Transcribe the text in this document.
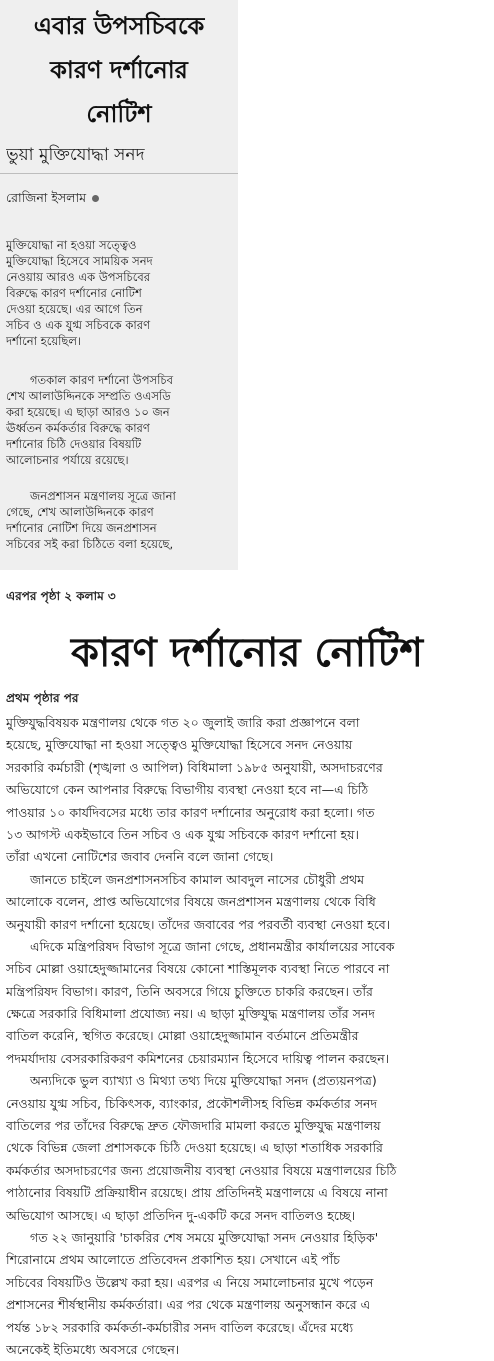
এবার উপসচিবকে
কারণ দর্শানোর
নোটিশ
ভুয়া মুক্তিযোদ্ধা সনদ
রোজিনা ইসলাম
মুক্তিযোদ্ধা না হওয়া সত্ত্বেও
মুক্তিযোদ্ধা হিসেবে সাময়িক সনদ
নেওয়ায় আরও এক উপসচিবের
বিরুদ্ধে কারণ দর্শানোর নোটিশ
দেওয়া হয়েছে। এর আগে তিন
সচিব ও এক যুগ্ম সচিবকে কারণ
দর্শানো হয়েছিল।
গতকাল কারণ দর্শানো উপসচিব
শেখ আলাউদ্দিনকে সম্প্রতি ওএসডি
করা হয়েছে। এ ছাড়া আরও ১০ জন
ঊর্ধ্বতন কর্মকর্তার বিরুদ্ধে কারণ
দর্শানোর চিঠি দেওয়ার বিষয়টি
আলোচনার পর্যায়ে রয়েছে।
জনপ্রশাসন মন্ত্রণালয় সূত্রে জানা
গেছে, শেখ আলাউদ্দিনকে কারণ
দর্শানোর নোটিশ দিয়ে জনপ্রশাসন
সচিবের সই করা চিঠিতে বলা হয়েছে,
এরপর পৃষ্ঠা ২ কলাম ৩
কারণ দর্শানোর নোটিশ
প্রথম পৃষ্ঠার পর
মুক্তিযুদ্ধবিষয়ক মন্ত্রণালয় থেকে গত ২০ জুলাই জারি করা প্রজ্ঞাপনে বলা
হয়েছে, মুক্তিযোদ্ধা না হওয়া সত্ত্বেও মুক্তিযোদ্ধা হিসেবে সনদ নেওয়ায়
সরকারি কর্মচারী (শৃঙ্খলা ও আপিল) বিধিমালা ১৯৮৫ অনুযায়ী, অসদাচরণের
অভিযোগে কেন আপনার বিরুদ্ধে বিভাগীয় ব্যবস্থা নেওয়া হবে না—এ চিঠি
পাওয়ার ১০ কার্যদিবসের মধ্যে তার কারণ দর্শানোর অনুরোধ করা হলো। গত
১৩ আগস্ট একইভাবে তিন সচিব ও এক যুগ্ম সচিবকে কারণ দর্শানো হয়।
তাঁরা এখনো নোটিশের জবাব দেননি বলে জানা গেছে।
জানতে চাইলে জনপ্রশাসনসচিব কামাল আবদুল নাসের চৌধুরী প্রথম
আলোকে বলেন, প্রাপ্ত অভিযোগের বিষয়ে জনপ্রশাসন মন্ত্রণালয় থেকে বিধি
অনুযায়ী কারণ দর্শানো হয়েছে। তাঁদের জবাবের পর পরবর্তী ব্যবস্থা নেওয়া হবে।
এদিকে মন্ত্রিপরিষদ বিভাগ সূত্রে জানা গেছে, প্রধানমন্ত্রীর কার্যালয়ের সাবেক
সচিব মোল্লা ওয়াহেদুজ্জামানের বিষয়ে কোনো শাস্তিমূলক ব্যবস্থা নিতে পারবে না
মন্ত্রিপরিষদ বিভাগ। কারণ, তিনি অবসরে গিয়ে চুক্তিতে চাকরি করছেন। তাঁর
ক্ষেত্রে সরকারি বিধিমালা প্রযোজ্য নয়। এ ছাড়া মুক্তিযুদ্ধ মন্ত্রণালয় তাঁর সনদ
বাতিল করেনি, স্থগিত করেছে। মোল্লা ওয়াহেদুজ্জামান বর্তমানে প্রতিমন্ত্রীর
পদমর্যাদায় বেসরকারিকরণ কমিশনের চেয়ারম্যান হিসেবে দায়িত্ব পালন করছেন।
অন্যদিকে ভুল ব্যাখ্যা ও মিথ্যা তথ্য দিয়ে মুক্তিযোদ্ধা সনদ (প্রত্যয়নপত্র)
নেওয়ায় যুগ্ম সচিব, চিকিৎসক, ব্যাংকার, প্রকৌশলীসহ বিভিন্ন কর্মকর্তার সনদ
বাতিলের পর তাঁদের বিরুদ্ধে দ্রুত ফৌজদারি মামলা করতে মুক্তিযুদ্ধ মন্ত্রণালয়
থেকে বিভিন্ন জেলা প্রশাসককে চিঠি দেওয়া হয়েছে। এ ছাড়া শতাধিক সরকারি
কর্মকর্তার অসদাচরণের জন্য প্রয়োজনীয় ব্যবস্থা নেওয়ার বিষয়ে মন্ত্রণালয়ের চিঠি
পাঠানোর বিষয়টি প্রক্রিয়াধীন রয়েছে। প্রায় প্রতিদিনই মন্ত্রণালয়ে এ বিষয়ে নানা
অভিযোগ আসছে। এ ছাড়া প্রতিদিন দু-একটি করে সনদ বাতিলও হচ্ছে।
গত ২২ জানুয়ারি 'চাকরির শেষ সময়ে মুক্তিযোদ্ধা সনদ নেওয়ার হিড়িক'
শিরোনামে প্রথম আলোতে প্রতিবেদন প্রকাশিত হয়। সেখানে এই পাঁচ
সচিবের বিষয়টিও উল্লেখ করা হয়। এরপর এ নিয়ে সমালোচনার মুখে পড়েন
প্রশাসনের শীর্ষস্থানীয় কর্মকর্তারা। এর পর থেকে মন্ত্রণালয় অনুসন্ধান করে এ
পর্যন্ত ১৮২ সরকারি কর্মকর্তা-কর্মচারীর সনদ বাতিল করেছে। এঁদের মধ্যে
অনেকেই ইতিমধ্যে অবসরে গেছেন।
